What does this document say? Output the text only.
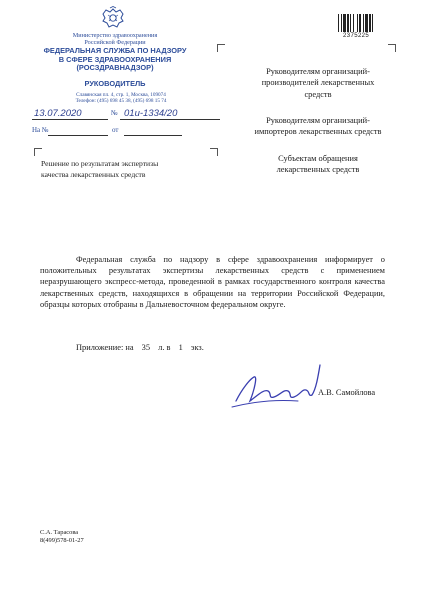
Министерство здравоохранения
Российской Федерации
ФЕДЕРАЛЬНАЯ СЛУЖБА ПО НАДЗОРУ
В СФЕРЕ ЗДРАВООХРАНЕНИЯ
(РОСЗДРАВНАДЗОР)
РУКОВОДИТЕЛЬ
Славянская пл. 4, стр. 1, Москва, 109074
Телефон: (495) 698 45 38, (495) 698 15 74
13.07.2020	№ 01и-1334/20
На №	от
Решение по результатам экспертизы
качества лекарственных средств
2375225
Руководителям организаций-
производителей лекарственных
средств
Руководителям организаций-
импортеров лекарственных средств
Субъектам обращения
лекарственных средств
Федеральная служба по надзору в сфере здравоохранения информирует о положительных результатах экспертизы лекарственных средств с применением неразрушающего экспресс-метода, проведенной в рамках государственного контроля качества лекарственных средств, находящихся в обращении на территории Российской Федерации, образцы которых отобраны в Дальневосточном федеральном округе.
Приложение: на 35 л. в 1 экз.
А.В. Самойлова
С.А. Тарасова
8(499)578-01-27
